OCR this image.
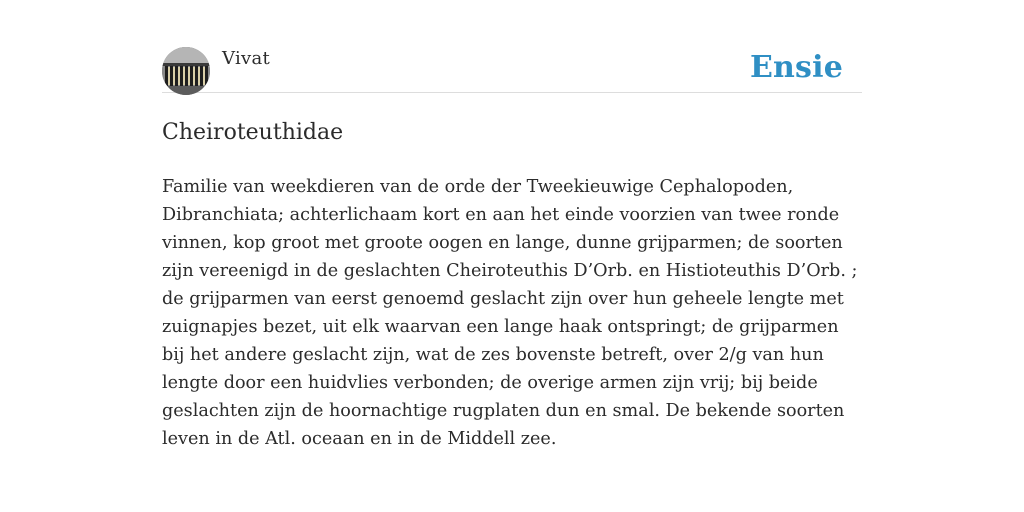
Vivat	Ensie
Cheiroteuthidae

Familie van weekdieren van de orde der Tweekieuwige Cephalopoden, Dibranchiata; achterlichaam kort en aan het einde voorzien van twee ronde vinnen, kop groot met groote oogen en lange, dunne grijparmen; de soorten zijn vereenigd in de geslachten Cheiroteuthis D’Orb. en Histioteuthis D’Orb. ; de grijparmen van eerst genoemd geslacht zijn over hun geheele lengte met zuignapjes bezet, uit elk waarvan een lange haak ontspringt; de grijparmen bij het andere geslacht zijn, wat de zes bovenste betreft, over 2/g van hun lengte door een huidvlies verbonden; de overige armen zijn vrij; bij beide geslachten zijn de hoornachtige rugplaten dun en smal. De bekende soorten leven in de Atl. oceaan en in de Middell zee.
